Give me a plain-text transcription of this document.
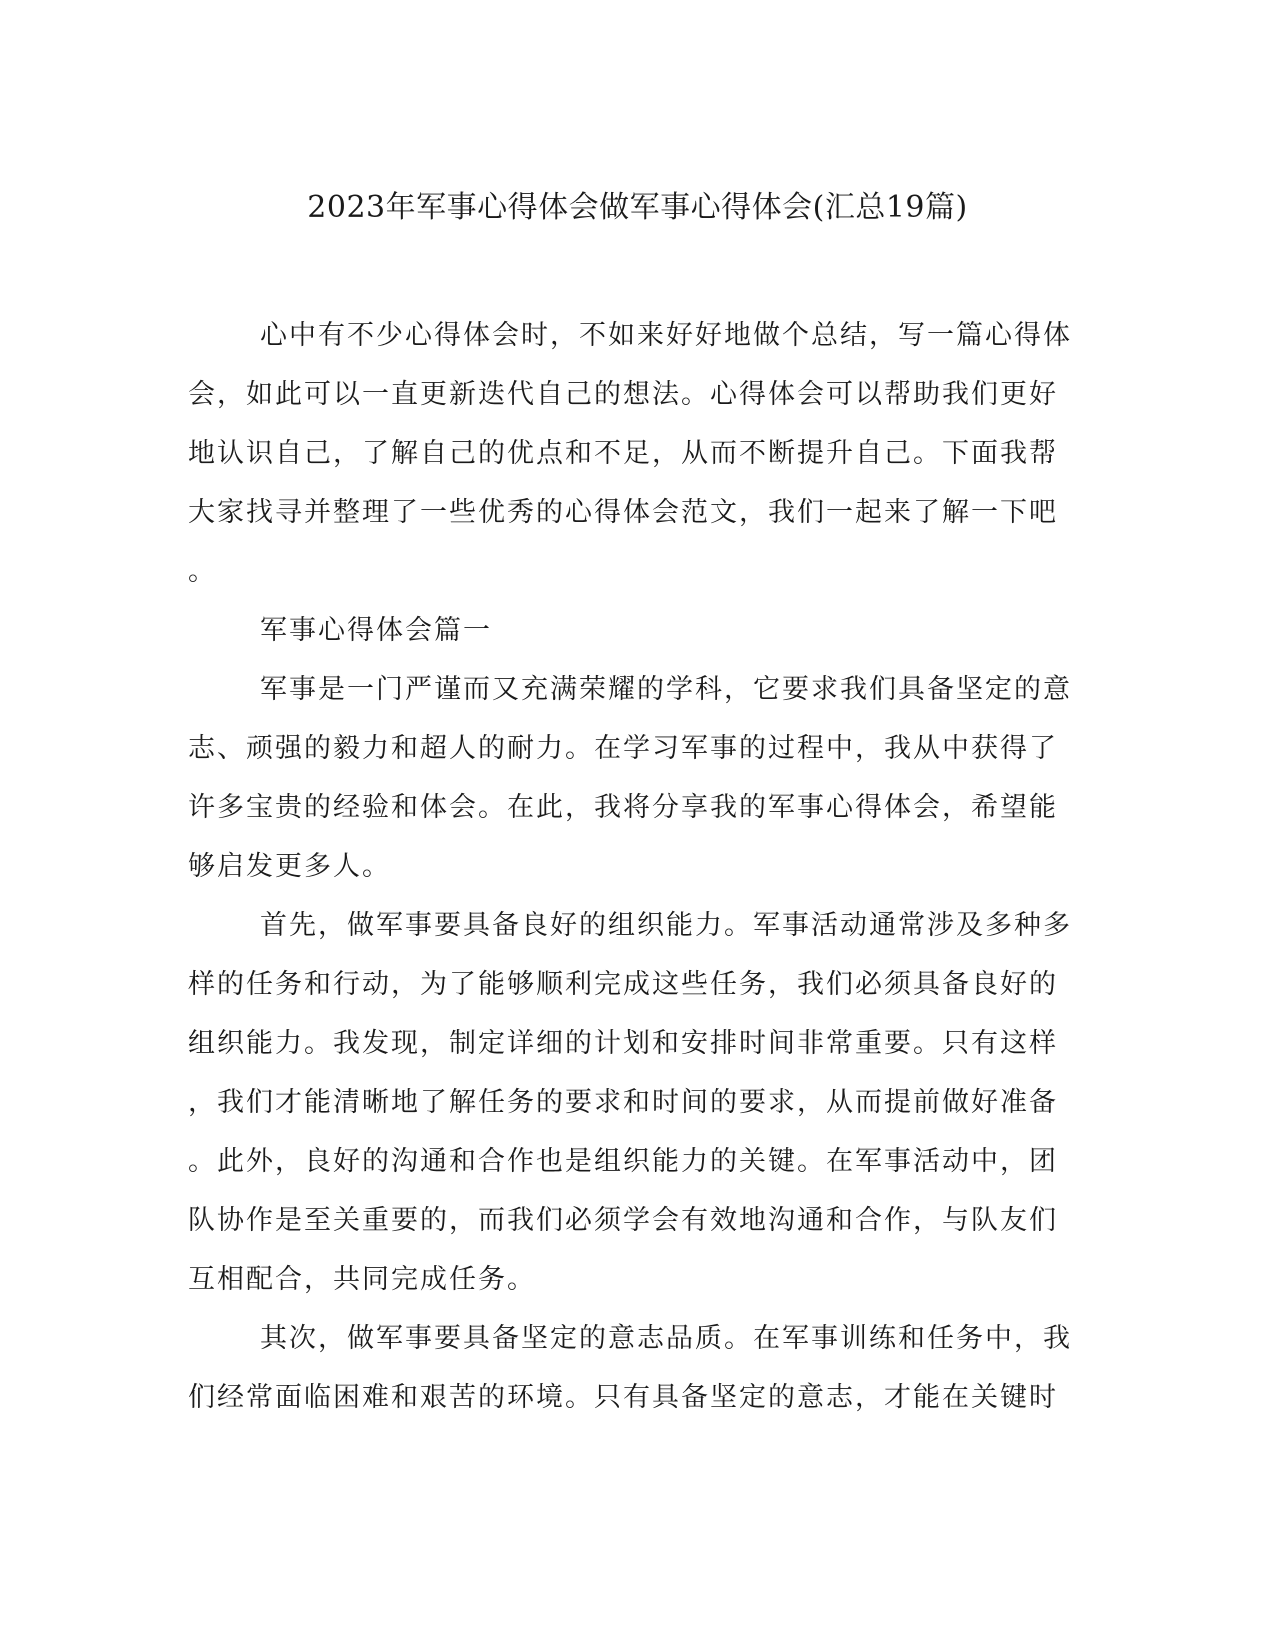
2023年军事心得体会做军事心得体会(汇总19篇)
心中有不少心得体会时，不如来好好地做个总结，写一篇心得体
会，如此可以一直更新迭代自己的想法。心得体会可以帮助我们更好
地认识自己，了解自己的优点和不足，从而不断提升自己。下面我帮
大家找寻并整理了一些优秀的心得体会范文，我们一起来了解一下吧
。
军事心得体会篇一
军事是一门严谨而又充满荣耀的学科，它要求我们具备坚定的意
志、顽强的毅力和超人的耐力。在学习军事的过程中，我从中获得了
许多宝贵的经验和体会。在此，我将分享我的军事心得体会，希望能
够启发更多人。
首先，做军事要具备良好的组织能力。军事活动通常涉及多种多
样的任务和行动，为了能够顺利完成这些任务，我们必须具备良好的
组织能力。我发现，制定详细的计划和安排时间非常重要。只有这样
，我们才能清晰地了解任务的要求和时间的要求，从而提前做好准备
。此外，良好的沟通和合作也是组织能力的关键。在军事活动中，团
队协作是至关重要的，而我们必须学会有效地沟通和合作，与队友们
互相配合，共同完成任务。
其次，做军事要具备坚定的意志品质。在军事训练和任务中，我
们经常面临困难和艰苦的环境。只有具备坚定的意志，才能在关键时
